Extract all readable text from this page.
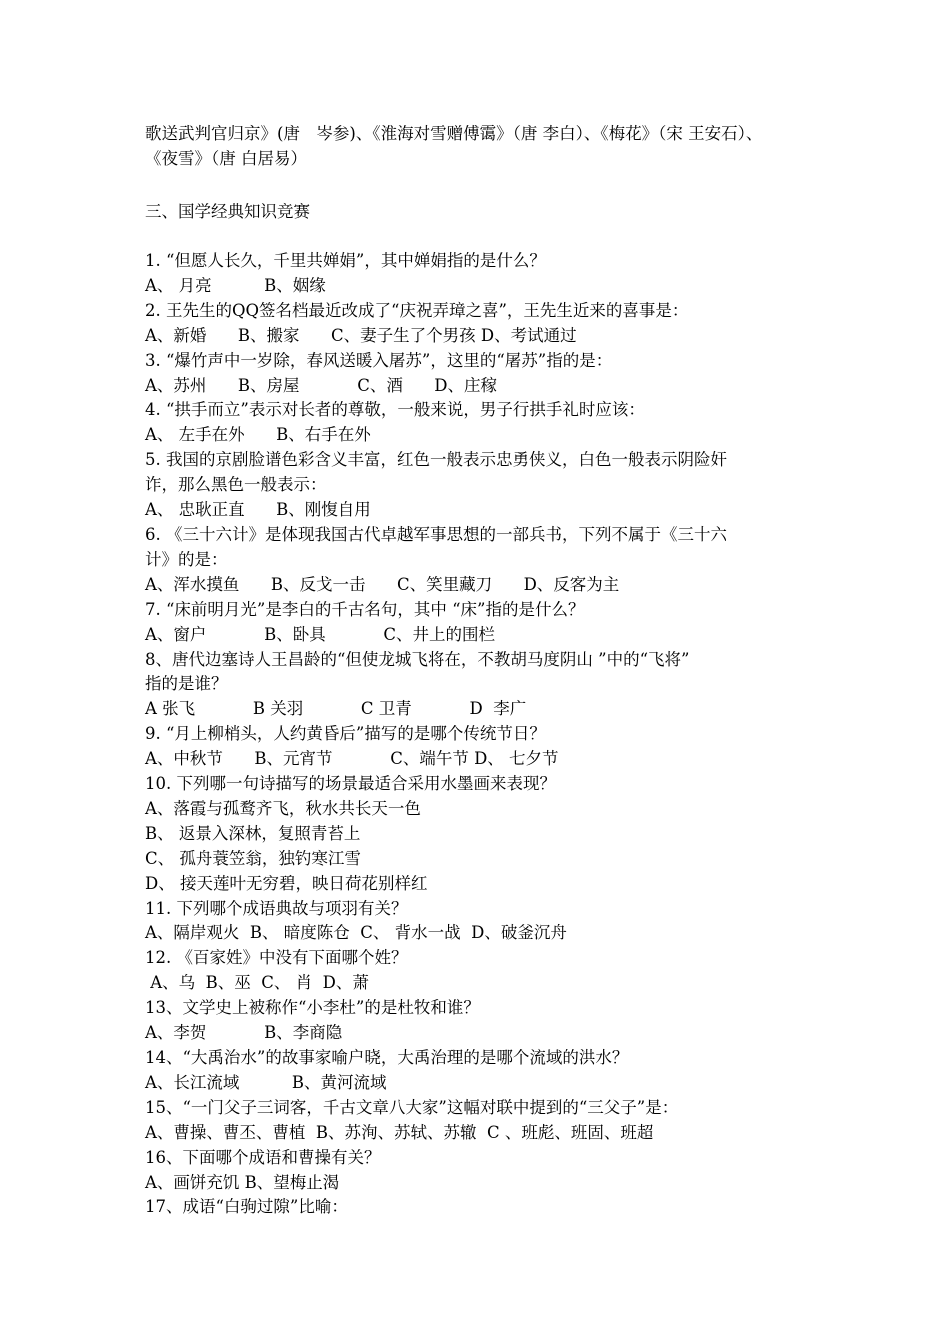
歌送武判官归京》(唐　岑参)、《淮海对雪赠傅霭》（唐 李白）、《梅花》（宋 王安石）、
《夜雪》（唐 白居易）
三、国学经典知识竞赛
1. “但愿人长久，千里共婵娟”，其中婵娟指的是什么？
A、 月亮          B、姻缘
2. 王先生的QQ签名档最近改成了“庆祝弄璋之喜”，王先生近来的喜事是：
A、新婚      B、搬家      C、妻子生了个男孩 D、考试通过
3. “爆竹声中一岁除，春风送暖入屠苏”，这里的“屠苏”指的是：
A、苏州      B、房屋           C、酒      D、庄稼
4. “拱手而立”表示对长者的尊敬，一般来说，男子行拱手礼时应该：
A、 左手在外      B、右手在外
5. 我国的京剧脸谱色彩含义丰富，红色一般表示忠勇侠义，白色一般表示阴险奸
诈，那么黑色一般表示：
A、 忠耿正直      B、刚愎自用
6. 《三十六计》是体现我国古代卓越军事思想的一部兵书，下列不属于《三十六
计》的是：
A、浑水摸鱼      B、反戈一击      C、笑里藏刀      D、反客为主
7. “床前明月光”是李白的千古名句，其中 “床”指的是什么？
A、窗户           B、卧具           C、井上的围栏
8、唐代边塞诗人王昌龄的“但使龙城飞将在，不教胡马度阴山 ”中的“飞将”
指的是谁？
A 张飞           B 关羽           C 卫青           D  李广
9. “月上柳梢头，人约黄昏后”描写的是哪个传统节日？
A、中秋节      B、元宵节           C、端午节 D、 七夕节
10. 下列哪一句诗描写的场景最适合采用水墨画来表现？
A、落霞与孤鹜齐飞，秋水共长天一色
B、 返景入深林，复照青苔上
C、 孤舟蓑笠翁，独钓寒江雪
D、 接天莲叶无穷碧，映日荷花别样红
11. 下列哪个成语典故与项羽有关？
A、隔岸观火  B、 暗度陈仓  C、 背水一战  D、破釜沉舟
12. 《百家姓》中没有下面哪个姓？
A、乌  B、巫  C、 肖  D、萧
13、文学史上被称作“小李杜”的是杜牧和谁？
A、李贺           B、李商隐
14、“大禹治水”的故事家喻户晓，大禹治理的是哪个流域的洪水？
A、长江流域          B、黄河流域
15、“一门父子三词客，千古文章八大家”这幅对联中提到的“三父子”是：
A、曹操、曹丕、曹植  B、苏洵、苏轼、苏辙  C 、班彪、班固、班超
16、下面哪个成语和曹操有关？
A、画饼充饥 B、望梅止渴
17、成语“白驹过隙”比喻：
